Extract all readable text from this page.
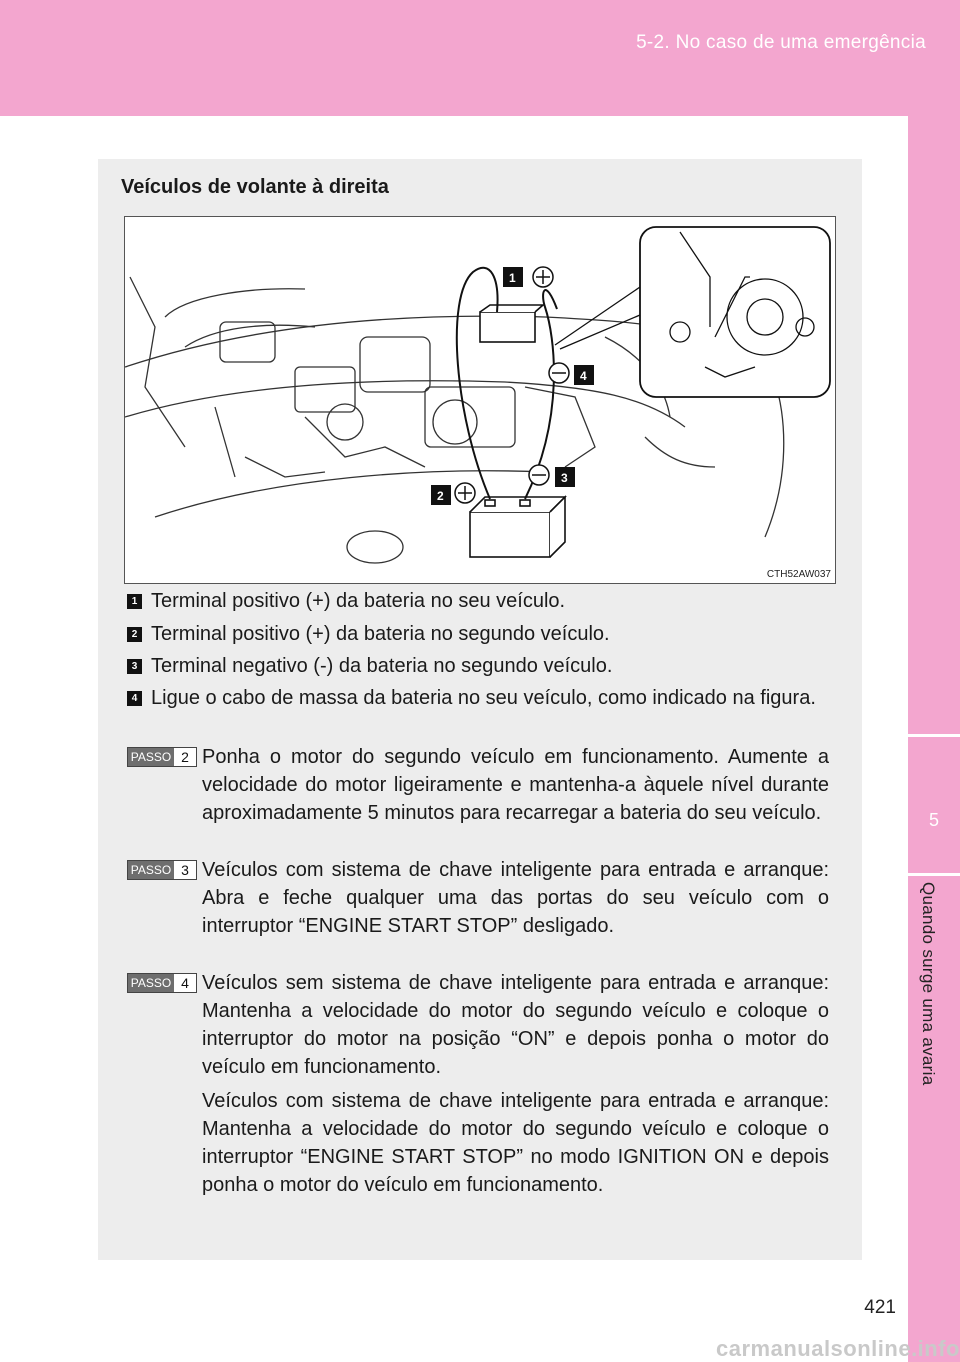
5-2. No caso de uma emergência
5
Quando surge uma avaria
Veículos de volante à direita
1
2
3
4
CTH52AW037
1 Terminal positivo (+) da bateria no seu veículo.
2 Terminal positivo (+) da bateria no segundo veículo.
3 Terminal negativo (-) da bateria no segundo veículo.
4 Ligue o cabo de massa da bateria no seu veículo, como indicado na figura.
PASSO 2 Ponha o motor do segundo veículo em funcionamento. Aumente a velocidade do motor ligeiramente e mantenha-a àquele nível durante aproximadamente 5 minutos para recarregar a bateria do seu veículo.
PASSO 3 Veículos com sistema de chave inteligente para entrada e arranque: Abra e feche qualquer uma das portas do seu veículo com o interruptor “ENGINE START STOP” desligado.
PASSO 4 Veículos sem sistema de chave inteligente para entrada e arranque: Mantenha a velocidade do motor do segundo veículo e coloque o interruptor do motor na posição “ON” e depois ponha o motor do veículo em funcionamento.
Veículos com sistema de chave inteligente para entrada e arranque: Mantenha a velocidade do motor do segundo veículo e coloque o interruptor “ENGINE START STOP” no modo IGNITION ON e depois ponha o motor do veículo em funcionamento.
421
carmanualsonline.info
